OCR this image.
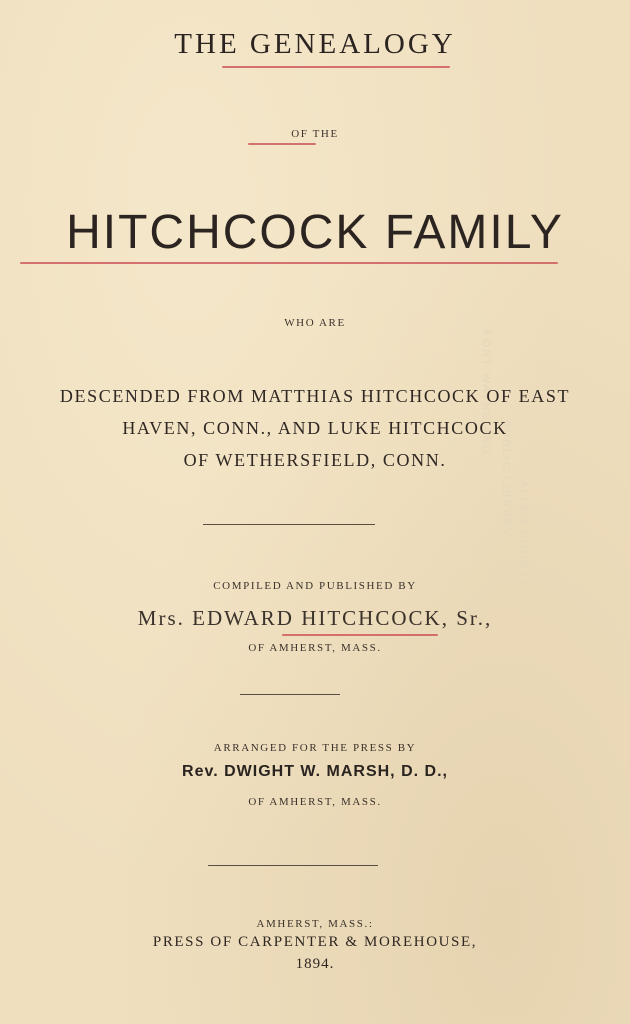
FORT WAYNE AND
PUBLIC LIBRARY ALLEN COUNTY
THE GENEALOGY
OF THE
HITCHCOCK FAMILY
WHO ARE
DESCENDED FROM MATTHIAS HITCHCOCK OF EAST
HAVEN, CONN., AND LUKE HITCHCOCK
OF WETHERSFIELD, CONN.
COMPILED AND PUBLISHED BY
Mrs. EDWARD HITCHCOCK, Sr.,
OF AMHERST, MASS.
ARRANGED FOR THE PRESS BY
Rev. DWIGHT W. MARSH, D. D.,
OF AMHERST, MASS.
AMHERST, MASS.:
PRESS OF CARPENTER & MOREHOUSE,
1894.
